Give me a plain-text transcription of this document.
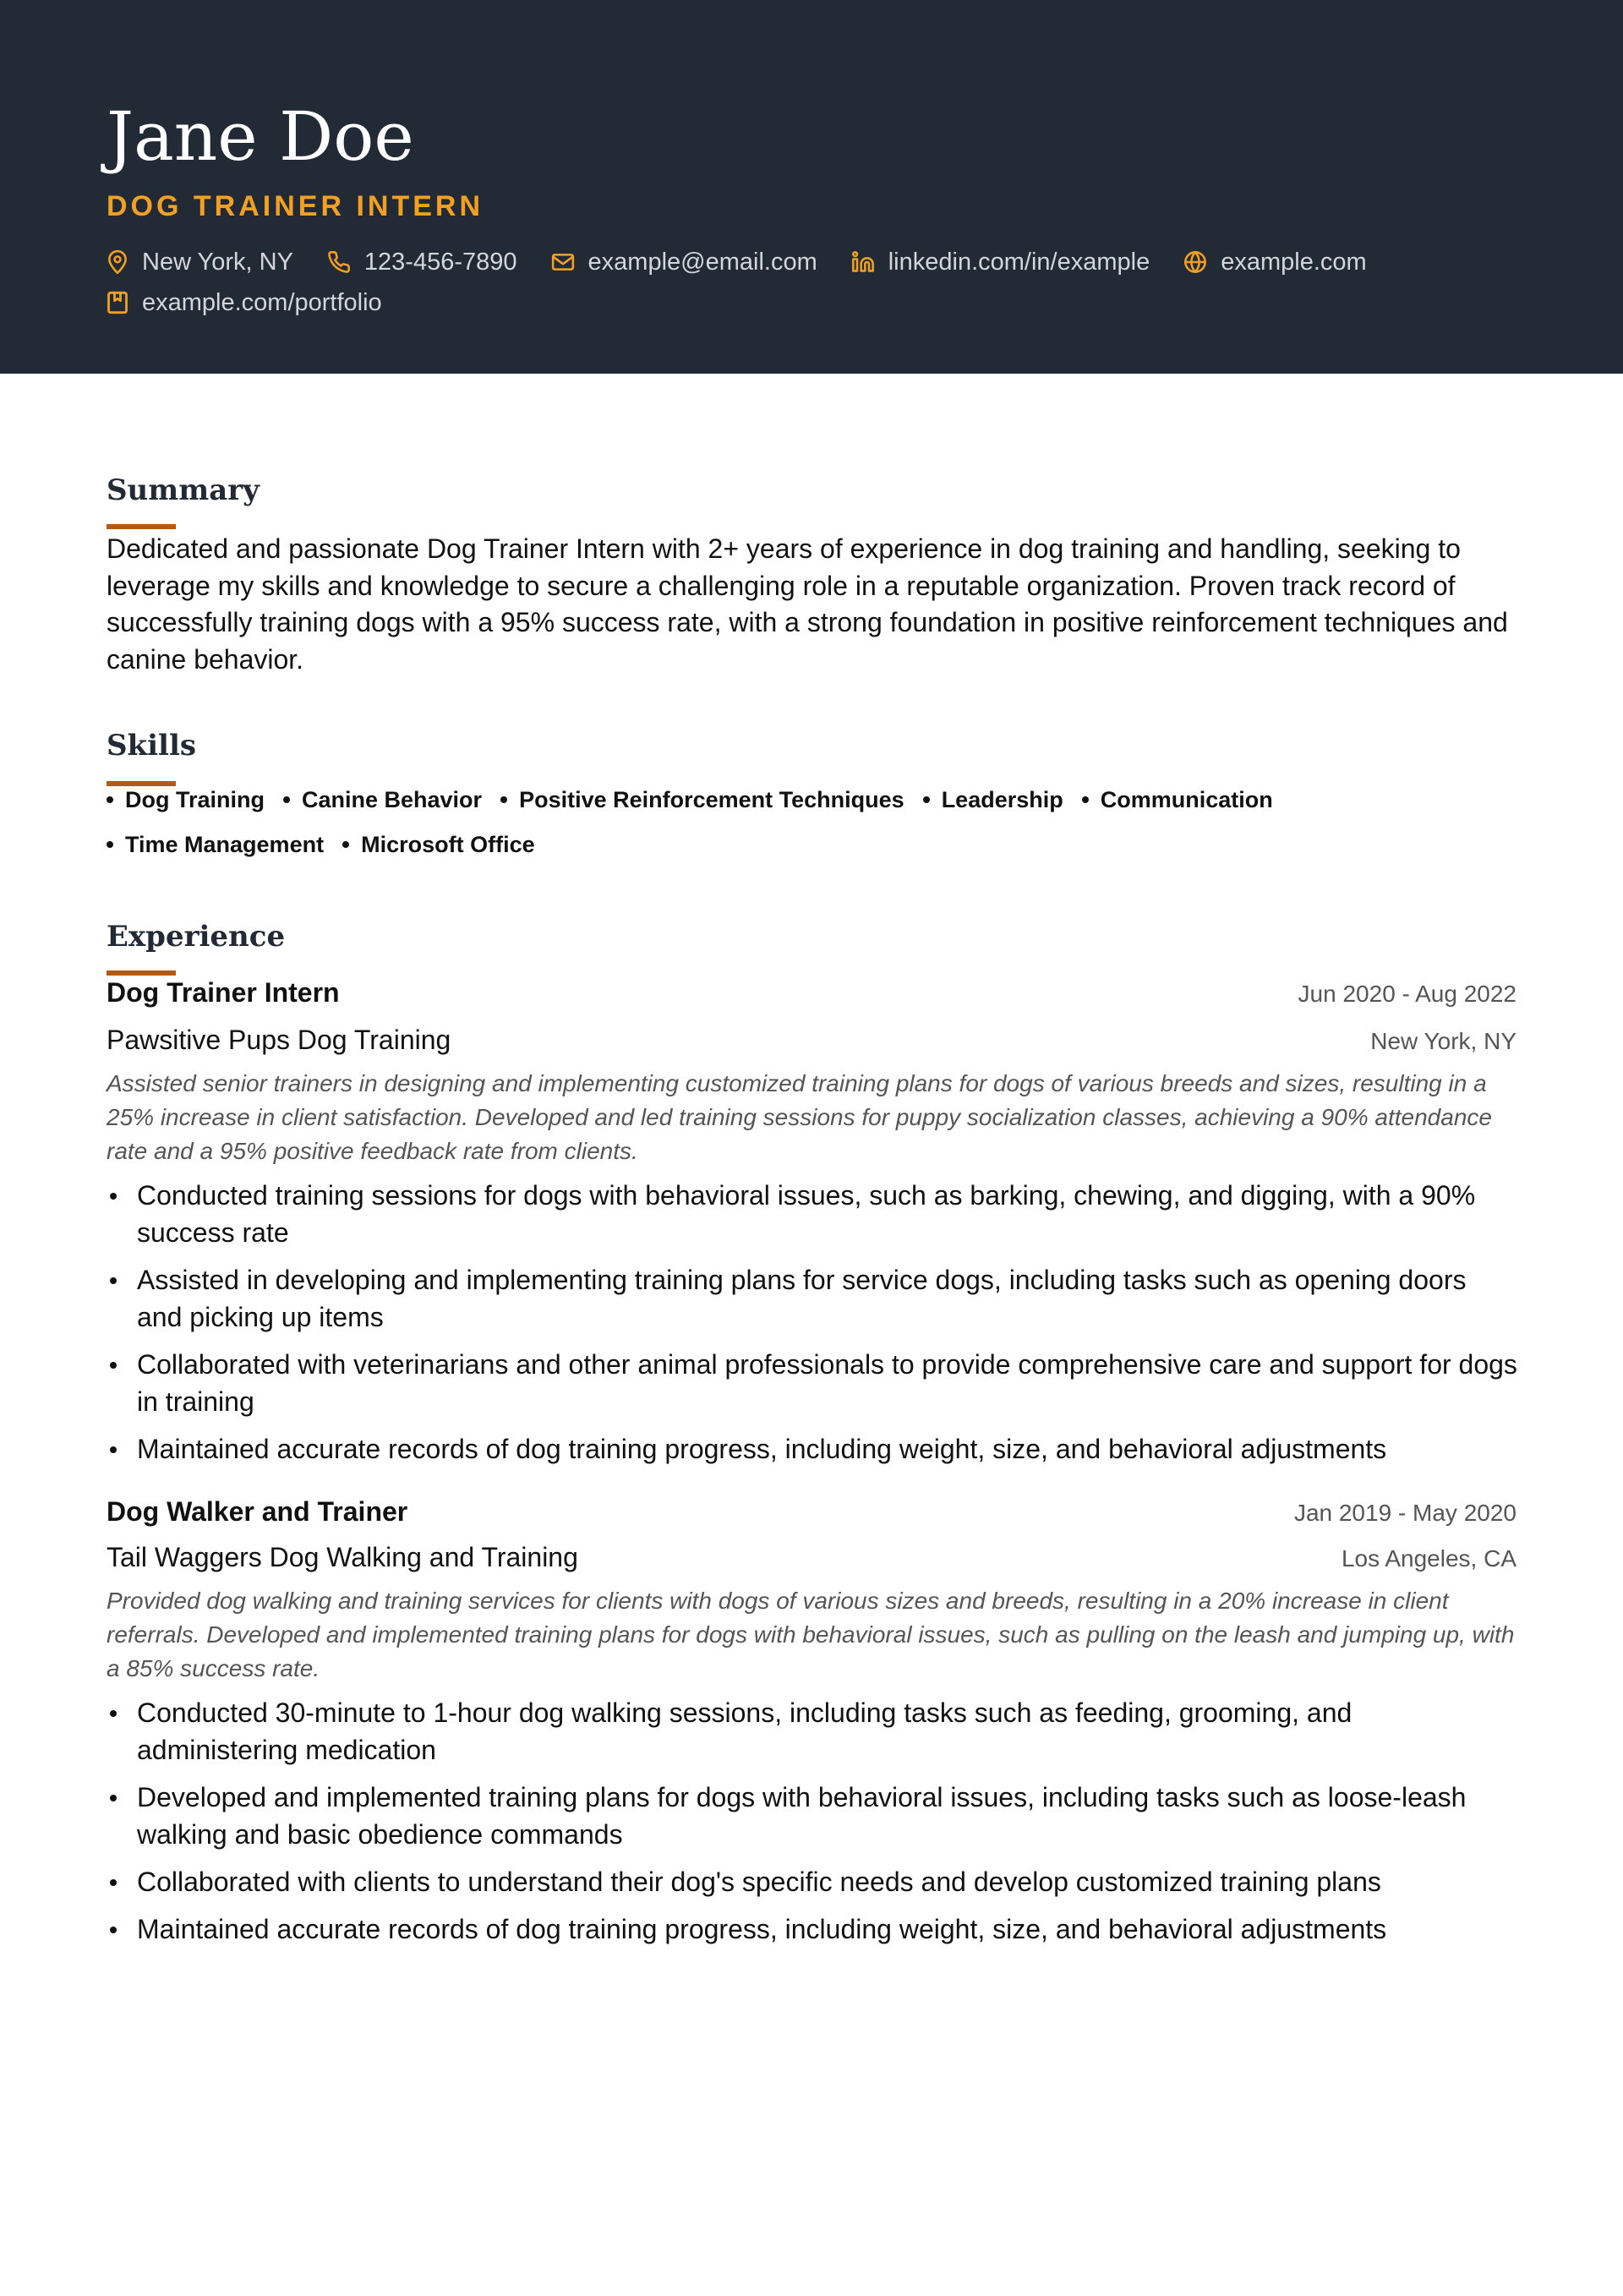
Jane Doe
DOG TRAINER INTERN
New York, NY	123-456-7890	example@email.com	linkedin.com/in/example	example.com
example.com/portfolio
Summary
Dedicated and passionate Dog Trainer Intern with 2+ years of experience in dog training and handling, seeking to leverage my skills and knowledge to secure a challenging role in a reputable organization. Proven track record of successfully training dogs with a 95% success rate, with a strong foundation in positive reinforcement techniques and canine behavior.
Skills
Dog Training	Canine Behavior	Positive Reinforcement Techniques	Leadership	Communication
Time Management	Microsoft Office
Experience
Dog Trainer Intern	Jun 2020 - Aug 2022
Pawsitive Pups Dog Training	New York, NY
Assisted senior trainers in designing and implementing customized training plans for dogs of various breeds and sizes, resulting in a 25% increase in client satisfaction. Developed and led training sessions for puppy socialization classes, achieving a 90% attendance rate and a 95% positive feedback rate from clients.
Conducted training sessions for dogs with behavioral issues, such as barking, chewing, and digging, with a 90% success rate
Assisted in developing and implementing training plans for service dogs, including tasks such as opening doors and picking up items
Collaborated with veterinarians and other animal professionals to provide comprehensive care and support for dogs in training
Maintained accurate records of dog training progress, including weight, size, and behavioral adjustments
Dog Walker and Trainer	Jan 2019 - May 2020
Tail Waggers Dog Walking and Training	Los Angeles, CA
Provided dog walking and training services for clients with dogs of various sizes and breeds, resulting in a 20% increase in client referrals. Developed and implemented training plans for dogs with behavioral issues, such as pulling on the leash and jumping up, with a 85% success rate.
Conducted 30-minute to 1-hour dog walking sessions, including tasks such as feeding, grooming, and administering medication
Developed and implemented training plans for dogs with behavioral issues, including tasks such as loose-leash walking and basic obedience commands
Collaborated with clients to understand their dog's specific needs and develop customized training plans
Maintained accurate records of dog training progress, including weight, size, and behavioral adjustments
